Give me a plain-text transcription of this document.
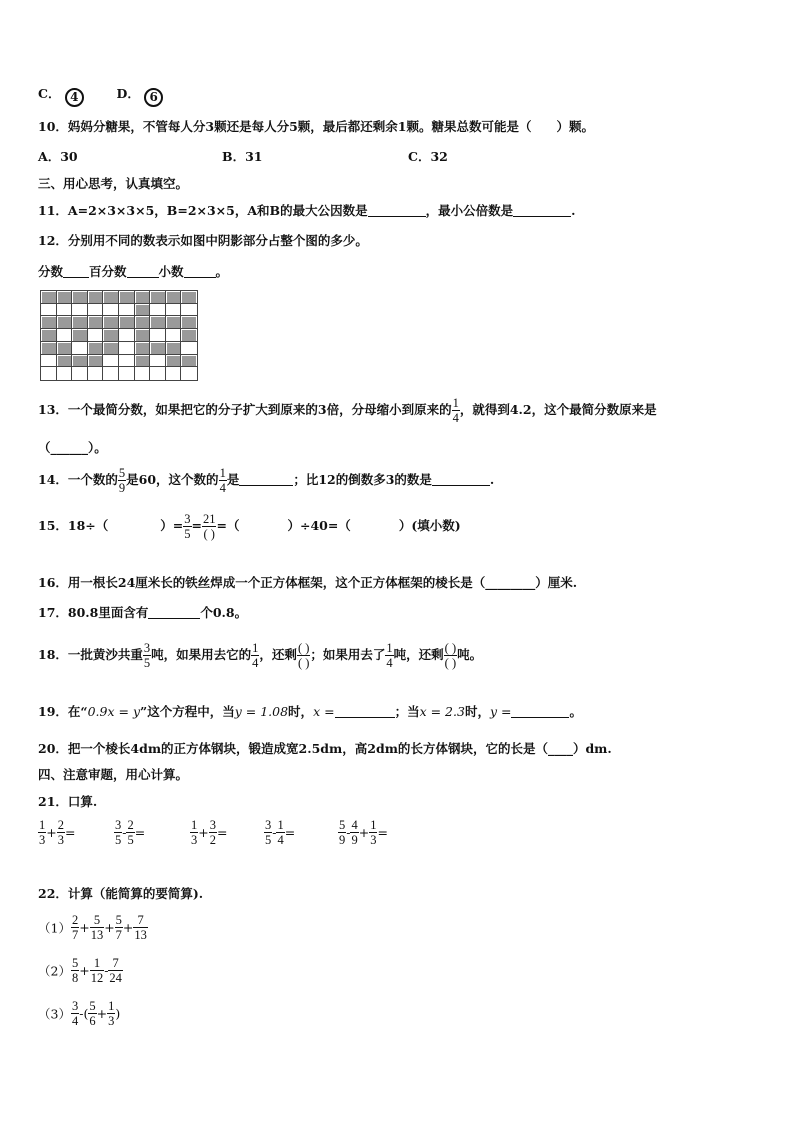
C． 4	D． 6
10．妈妈分糖果，不管每人分3颗还是每人分5颗，最后都还剩余1颗。糖果总数可能是（　　）颗。
A．30	B．31	C．32
三、用心思考，认真填空。
11．A=2×3×3×5，B=2×3×5，A和B的最大公因数是	，最小公倍数是	.
12．分别用不同的数表示如图中阴影部分占整个图的多少。
分数 百分数	小数	。
13．一个最简分数，如果把它的分子扩大到原来的3倍，分母缩小到原来的 $\frac{1}{4}$ ，就得到4.2，这个最简分数原来是
（______）。
14．一个数的 $\frac{5}{9}$ 是60，这个数的 $\frac{1}{4}$ 是	；比12的倒数多3的数是	.
15．18÷（	）= $\frac{3}{5} = \frac{21}{( )}$ =（	）÷40=（	）(填小数)
16．用一根长24厘米长的铁丝焊成一个正方体框架，这个正方体框架的棱长是（________）厘米.
17．80.8里面含有	个0.8。
18．一批黄沙共重 $\frac{3}{5}$ 吨，如果用去它的 $\frac{1}{4}$ ，还剩 $\frac{( )}{( )}$ ；如果用去了 $\frac{1}{4}$ 吨，还剩 $\frac{( )}{( )}$ 吨。
19．在“0.9x = y”这个方程中，当y = 1.08时，x =	；当x = 2.3时，y =	。
20．把一个棱长4dm的正方体钢块，锻造成宽2.5dm，高2dm的长方体钢块，它的长是（____）dm.
四、注意审题，用心计算。
21．口算.
$\frac{1}{3} + \frac{2}{3}$ =	$\frac{3}{5} - \frac{2}{5}$ =	$\frac{1}{3} + \frac{3}{2}$ =	$\frac{3}{5} - \frac{1}{4}$ =	$\frac{5}{9} - \frac{4}{9} + \frac{1}{3}$ =
22．计算（能简算的要简算).
$(1) \frac{2}{7} + \frac{5}{13} + \frac{5}{7} + \frac{7}{13}$
$(2) \frac{5}{8} + \frac{1}{12} - \frac{7}{24}$
$(3) \frac{3}{4}$ -( $\frac{5}{6} + \frac{1}{3}$ )
